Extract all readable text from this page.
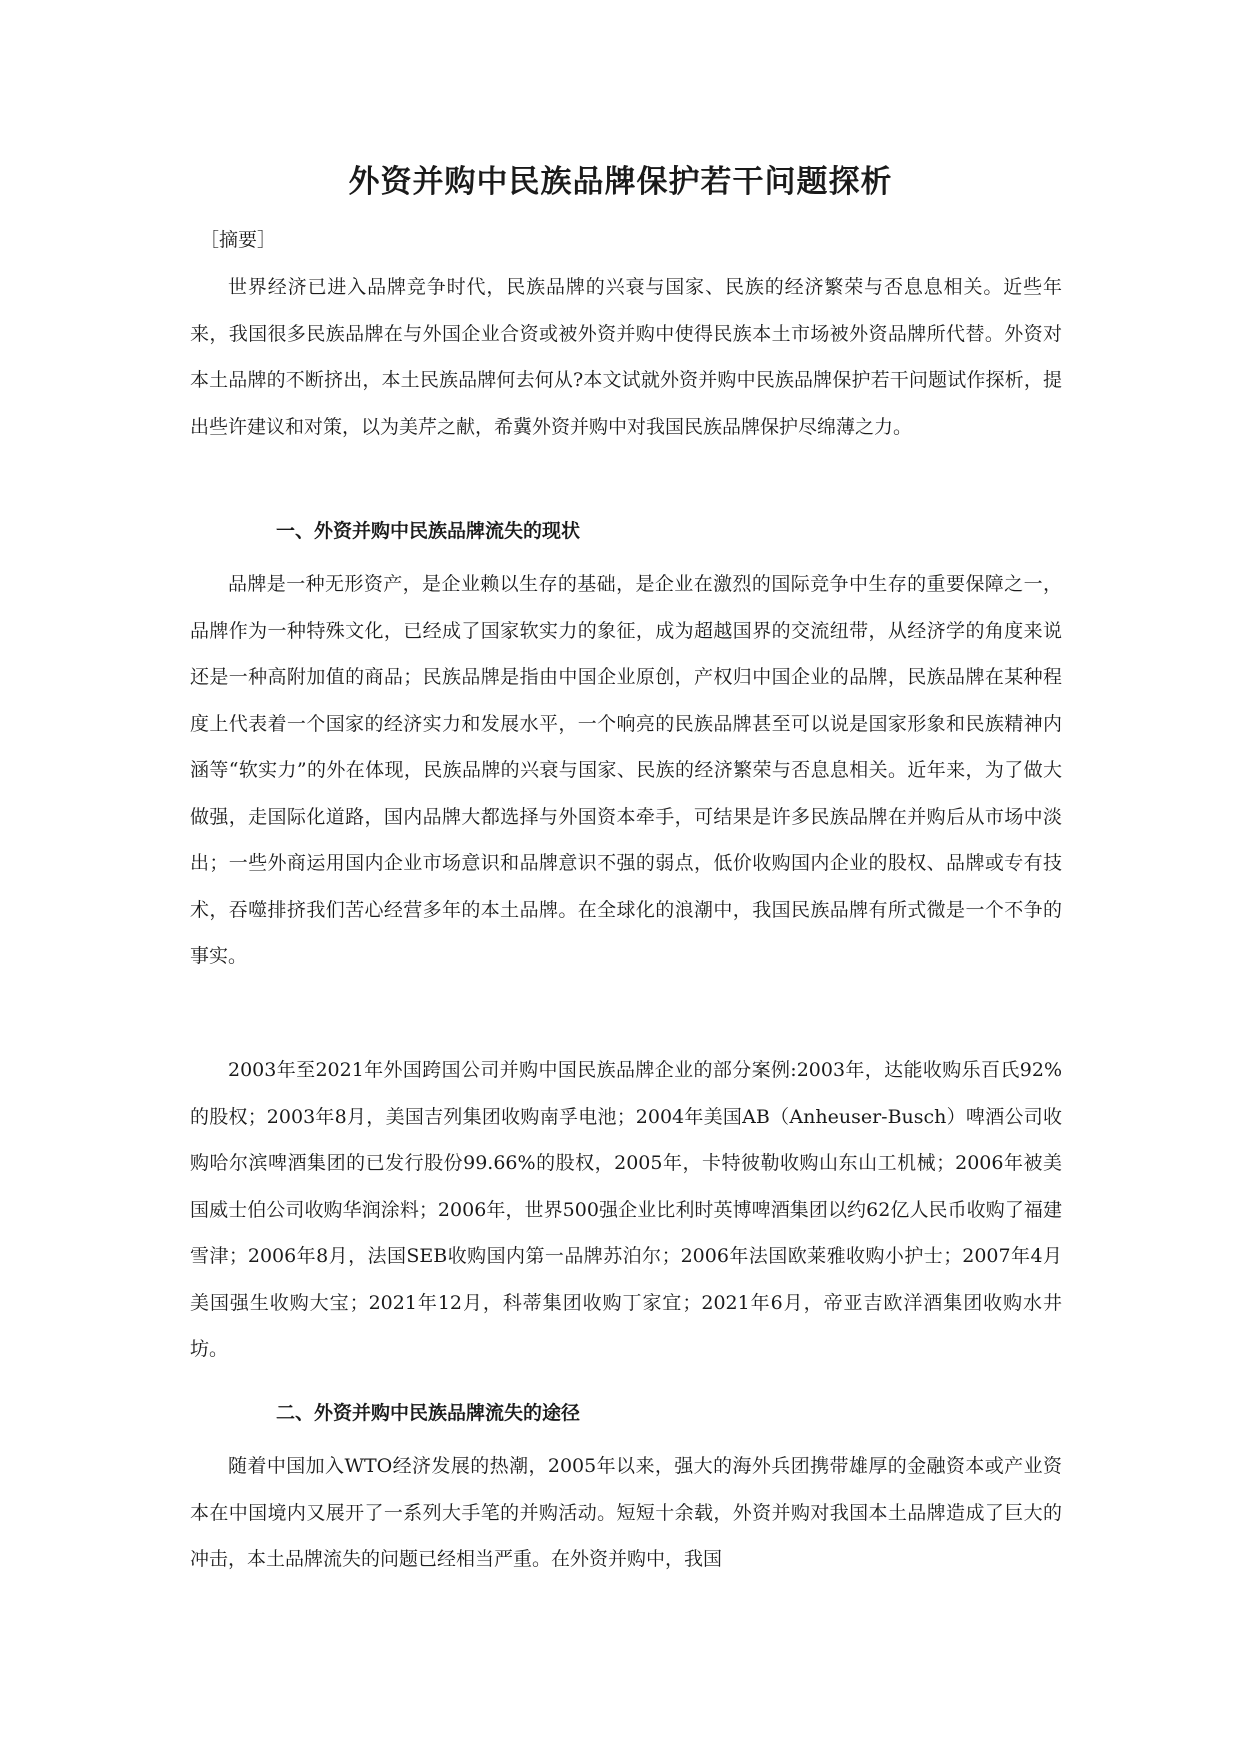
外资并购中民族品牌保护若干问题探析
［摘要］

世界经济已进入品牌竞争时代，民族品牌的兴衰与国家、民族的经济繁荣与否息息相关。近些年来，我国很多民族品牌在与外国企业合资或被外资并购中使得民族本土市场被外资品牌所代替。外资对本土品牌的不断挤出，本土民族品牌何去何从?本文试就外资并购中民族品牌保护若干问题试作探析，提出些许建议和对策，以为美芹之献，希冀外资并购中对我国民族品牌保护尽绵薄之力。

一、外资并购中民族品牌流失的现状

品牌是一种无形资产，是企业赖以生存的基础，是企业在激烈的国际竞争中生存的重要保障之一，品牌作为一种特殊文化，已经成了国家软实力的象征，成为超越国界的交流纽带，从经济学的角度来说还是一种高附加值的商品；民族品牌是指由中国企业原创，产权归中国企业的品牌，民族品牌在某种程度上代表着一个国家的经济实力和发展水平，一个响亮的民族品牌甚至可以说是国家形象和民族精神内涵等“软实力”的外在体现，民族品牌的兴衰与国家、民族的经济繁荣与否息息相关。近年来，为了做大做强，走国际化道路，国内品牌大都选择与外国资本牵手，可结果是许多民族品牌在并购后从市场中淡出；一些外商运用国内企业市场意识和品牌意识不强的弱点，低价收购国内企业的股权、品牌或专有技术，吞噬排挤我们苦心经营多年的本土品牌。在全球化的浪潮中，我国民族品牌有所式微是一个不争的事实。

2003年至2021年外国跨国公司并购中国民族品牌企业的部分案例:2003年，达能收购乐百氏92%的股权；2003年8月，美国吉列集团收购南孚电池；2004年美国AB（Anheuser-Busch）啤酒公司收购哈尔滨啤酒集团的已发行股份99.66%的股权，2005年，卡特彼勒收购山东山工机械；2006年被美国威士伯公司收购华润涂料；2006年，世界500强企业比利时英博啤酒集团以约62亿人民币收购了福建雪津；2006年8月，法国SEB收购国内第一品牌苏泊尔；2006年法国欧莱雅收购小护士；2007年4月美国强生收购大宝；2021年12月，科蒂集团收购丁家宜；2021年6月，帝亚吉欧洋酒集团收购水井坊。

二、外资并购中民族品牌流失的途径

随着中国加入WTO经济发展的热潮，2005年以来，强大的海外兵团携带雄厚的金融资本或产业资本在中国境内又展开了一系列大手笔的并购活动。短短十余载，外资并购对我国本土品牌造成了巨大的冲击，本土品牌流失的问题已经相当严重。在外资并购中，我国
